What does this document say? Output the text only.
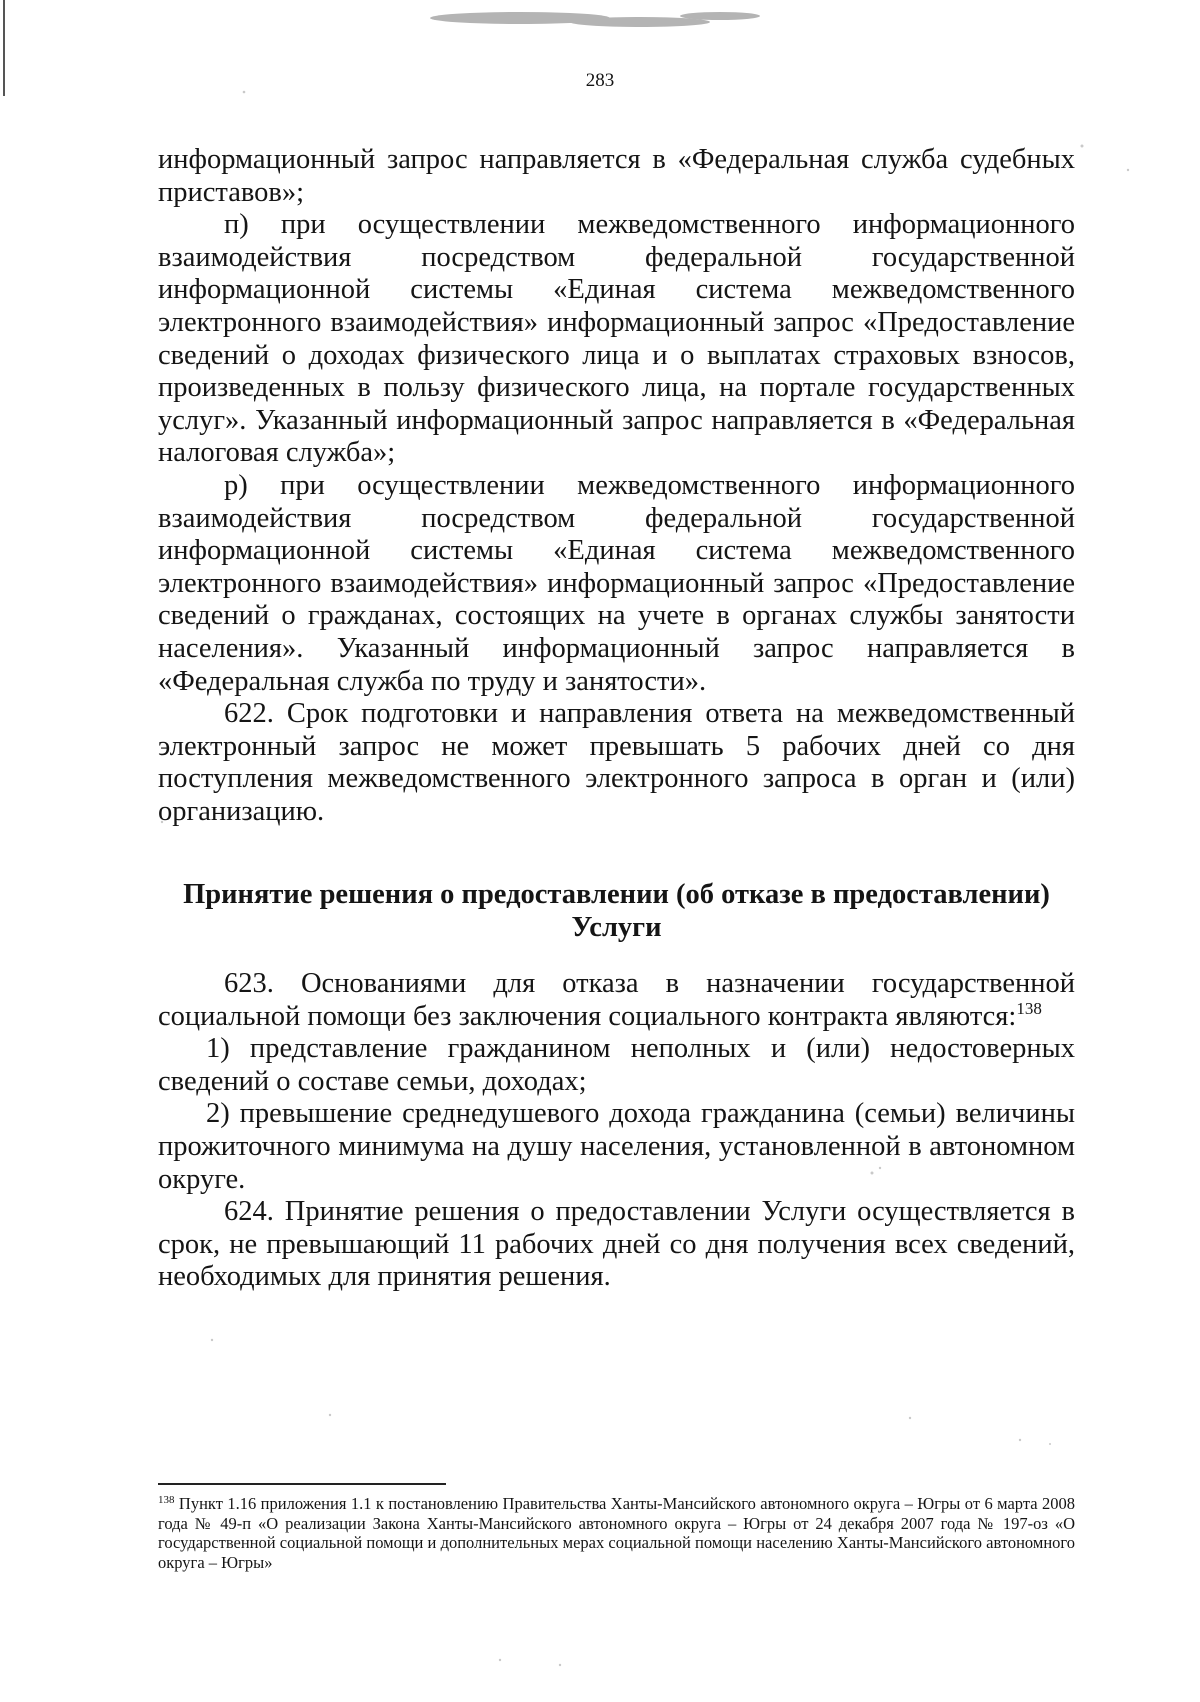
283

информационный запрос направляется в «Федеральная служба судебных приставов»;

п) при осуществлении межведомственного информационного взаимодействия посредством федеральной государственной информационной системы «Единая система межведомственного электронного взаимодействия» информационный запрос «Предоставление сведений о доходах физического лица и о выплатах страховых взносов, произведенных в пользу физического лица, на портале государственных услуг». Указанный информационный запрос направляется в «Федеральная налоговая служба»;

р) при осуществлении межведомственного информационного взаимодействия посредством федеральной государственной информационной системы «Единая система межведомственного электронного взаимодействия» информационный запрос «Предоставление сведений о гражданах, состоящих на учете в органах службы занятости населения». Указанный информационный запрос направляется в «Федеральная служба по труду и занятости».

622. Срок подготовки и направления ответа на межведомственный электронный запрос не может превышать 5 рабочих дней со дня поступления межведомственного электронного запроса в орган и (или) организацию.

Принятие решения о предоставлении (об отказе в предоставлении)
Услуги

623. Основаниями для отказа в назначении государственной социальной помощи без заключения социального контракта являются:$^{138}$

1) представление гражданином неполных и (или) недостоверных сведений о составе семьи, доходах;

2) превышение среднедушевого дохода гражданина (семьи) величины прожиточного минимума на душу населения, установленной в автономном округе.

624. Принятие решения о предоставлении Услуги осуществляется в срок, не превышающий 11 рабочих дней со дня получения всех сведений, необходимых для принятия решения.

$^{138}$ Пункт 1.16 приложения 1.1 к постановлению Правительства Ханты-Мансийского автономного округа – Югры от 6 марта 2008 года № 49-п «О реализации Закона Ханты-Мансийского автономного округа – Югры от 24 декабря 2007 года № 197-оз «О государственной социальной помощи и дополнительных мерах социальной помощи населению Ханты-Мансийского автономного округа – Югры»
